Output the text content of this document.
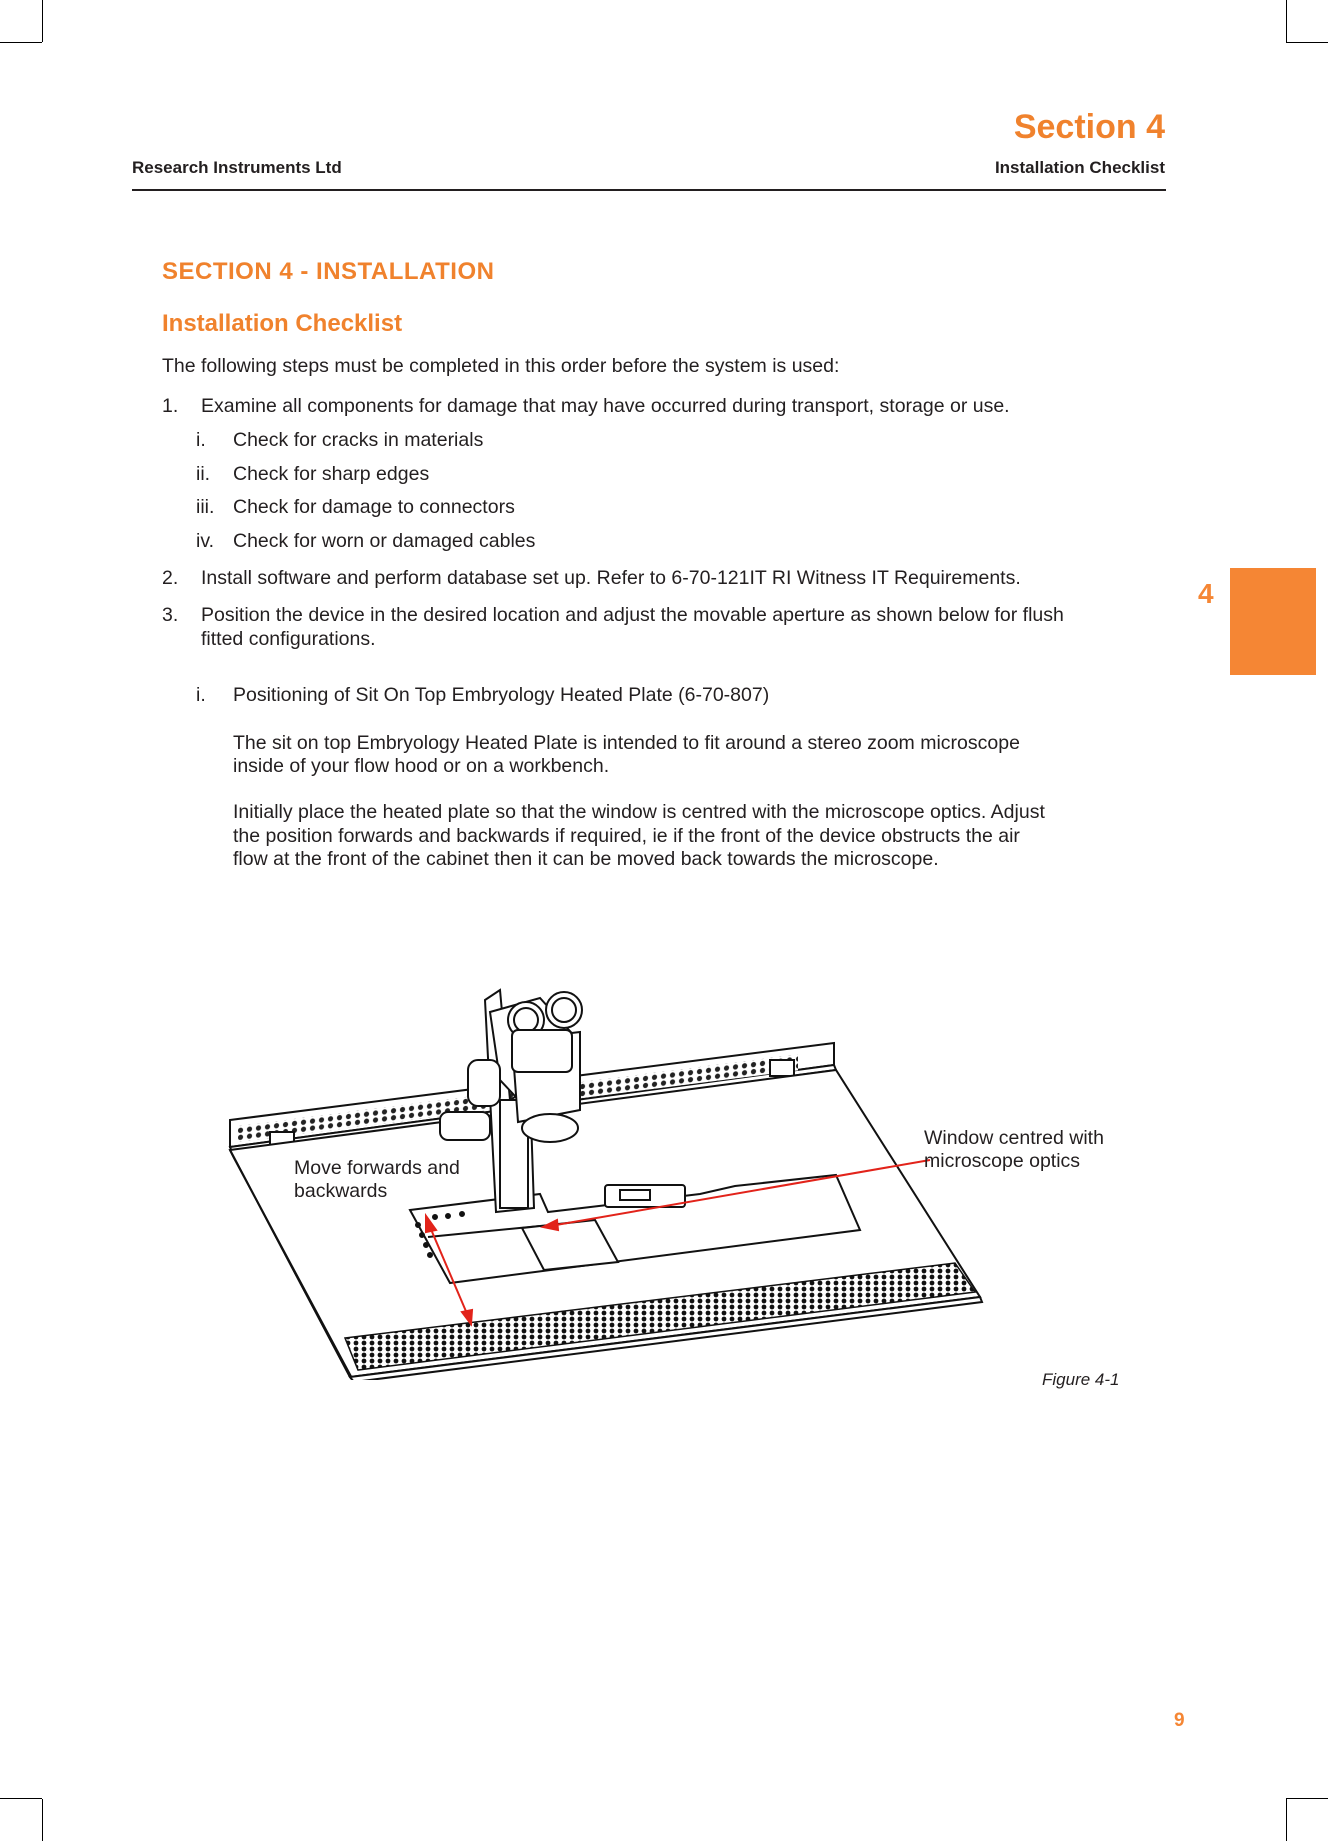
Section 4
Research Instruments Ltd	Installation Checklist
4
SECTION 4 - INSTALLATION
Installation Checklist

The following steps must be completed in this order before the system is used:

1. Examine all components for damage that may have occurred during transport, storage or use.
i. Check for cracks in materials
ii. Check for sharp edges
iii. Check for damage to connectors
iv. Check for worn or damaged cables
2. Install software and perform database set up. Refer to 6-70-121IT RI Witness IT Requirements.
3. Position the device in the desired location and adjust the movable aperture as shown below for flush
fitted configurations.
i. Positioning of Sit On Top Embryology Heated Plate (6-70-807)
The sit on top Embryology Heated Plate is intended to fit around a stereo zoom microscope
inside of your flow hood or on a workbench.
Initially place the heated plate so that the window is centred with the microscope optics. Adjust
the position forwards and backwards if required, ie if the front of the device obstructs the air
flow at the front of the cabinet then it can be moved back towards the microscope.
Move forwards and
backwards
Window centred with
microscope optics
Figure 4-1
9
